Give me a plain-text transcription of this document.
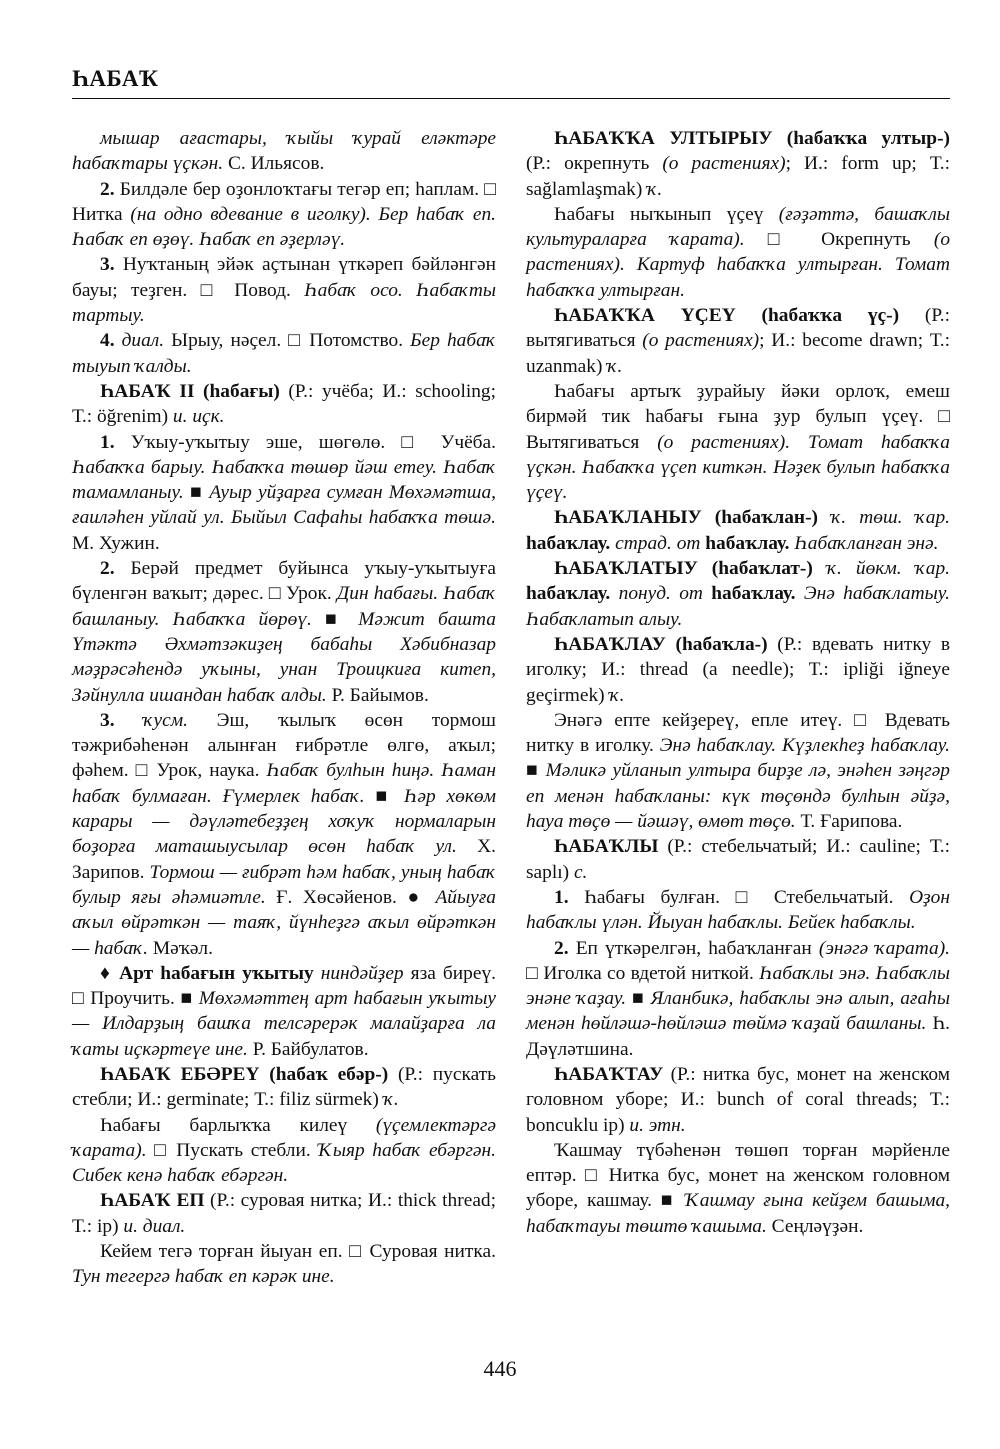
ҺАБАҠ

мышар ағастары, ҡыйы ҡурай еләктәре һабаҡтары үҫкән. С. Ильясов.

2. Билдәле бер оҙонлоҡтағы тегәр еп; һаплам. □ Нитка (на одно вдевание в иголку). Бер һабаҡ еп. Һабаҡ еп өҙөү. Һабаҡ еп әҙерләү.

3. Нуҡтаның эйәк аҫтынан үткәреп бәйләнгән бауы; теҙген. □ Повод. Һабаҡ осо. Һабаҡты тартыу.

4. диал. Ырыу, нәҫел. □ Потомство. Бер һабаҡ тыуып ҡалды.

ҺАБАҠ II (һабағы) (Р.: учёба; И.: schooling; Т.: öğrenim) и. иҫк.

1. Уҡыу-уҡытыу эше, шөгөлө. □ Учёба. Һабаҡҡа барыу. Һабаҡҡа төшөр йәш етеу. Һабаҡ тамамланыу. ■ Ауыр уйҙарға сумған Мөхәмәтша, ғаиләһен уйлай ул. Быйыл Сафаһы һабаҡҡа төшә. М. Хужин.

2. Берәй предмет буйынса уҡыу-уҡытыуға бүленгән ваҡыт; дәрес. □ Урок. Дин һабағы. Һабаҡ башланыу. Һабаҡҡа йөрөү. ■ Мәжит башта Үтәктә Әхмәтзәкиҙең бабаһы Хәбибназар мәҙрәсәһендә уҡыны, унан Троицкиға китеп, Зәйнулла ишандан һабаҡ алды. Р. Байымов.

3. ҡусм. Эш, ҡылыҡ өсөн тормош тәжрибәһенән алынған ғибрәтле өлгө, аҡыл; фәһем. □ Урок, наука. Һабаҡ булһын һиңә. Һаман һабаҡ булмаған. Ғүмерлек һабаҡ. ■ Һәр хөкөм карары — дәүләтебеҙҙең хоҡуҡ нормаларын боҙорға маташыусылар өсөн һабаҡ ул. Х. Зарипов. Тормош — ғибрәт һәм һабаҡ, уның һабаҡ булыр яғы әһәмиәтле. Ғ. Хөсәйенов. ● Айыуға аҡыл өйрәткән — таяҡ, йүнһеҙгә аҡыл өйрәткән — һабаҡ. Мәҡәл.

♦ Арт һабағын уҡытыу ниндәйҙер яза биреү. □ Проучить. ■ Мөхәмәттең арт һабағын уҡытыу — Илдарҙың башҡа телсәрерәк малайҙарға ла ҡаты иҫкәртеүе ине. Р. Байбулатов.

ҺАБАҠ ЕБӘРЕҮ (һабаҡ ебәр-) (Р.: пускать стебли; И.: germinate; Т.: filiz sürmek) ҡ.

Һабағы барлыҡҡа килеү (үҫемлектәргә ҡарата). □ Пускать стебли. Ҡыяр һабаҡ ебәргән. Сибек кенә һабаҡ ебәргән.

ҺАБАҠ ЕП (Р.: суровая нитка; И.: thick thread; Т.: ip) и. диал.

Кейем тегә торған йыуан еп. □ Суровая нитка. Тун тегергә һабаҡ еп кәрәк ине.

ҺАБАҠҠА УЛТЫРЫУ (һабаҡҡа ултыр-) (Р.: окрепнуть (о растениях); И.: form up; Т.: sağlamlaşmak) ҡ.

Һабағы ныҡынып үҫеү (ғәҙәттә, башаҡлы культураларға ҡарата). □ Окрепнуть (о растениях). Картуф һабаҡҡа ултырған. Томат һабаҡҡа ултырған.

ҺАБАҠҠА ҮҪЕҮ (һабаҡҡа үҫ-) (Р.: вытягиваться (о растениях); И.: become drawn; Т.: uzanmak) ҡ.

Һабағы артыҡ ҙурайыу йәки орлоҡ, емеш бирмәй тик һабағы ғына ҙур булып үҫеү. □ Вытягиваться (о растениях). Томат һабаҡҡа үҫкән. Һабаҡҡа үҫеп киткән. Нәҙек булып һабаҡҡа үҫеү.

ҺАБАҠЛАНЫУ (һабаҡлан-) ҡ. төш. ҡар. һабаҡлау. страд. от һабаҡлау. Һабаҡланған энә.

ҺАБАҠЛАТЫУ (һабаҡлат-) ҡ. йөкм. ҡар. һабаҡлау. понуд. от һабаҡлау. Энә һабаҡлатыу. Һабаҡлатып алыу.

ҺАБАҠЛАУ (һабаҡла-) (Р.: вдевать нитку в иголку; И.: thread (a needle); Т.: ipliği iğneye geçirmek) ҡ.

Энәгә епте кейҙереү, епле итеү. □ Вдевать нитку в иголку. Энә һабаҡлау. Күҙлекһеҙ һабаҡлау. ■ Мәликә уйланып ултыра бирҙе лә, энәһен зәңгәр еп менән һабаҡланы: күк төҫөндә булһын әйҙә, һауа төҫө — йәшәү, өмөт төҫө. Т. Ғарипова.

ҺАБАҠЛЫ (Р.: стебельчатый; И.: cauline; Т.: saplı) с.

1. Һабағы булған. □ Стебельчатый. Оҙон һабаҡлы үлән. Йыуан һабаҡлы. Бейек һабаҡлы.

2. Еп үткәрелгән, һабаҡланған (энәгә ҡарата). □ Иголка со вдетой ниткой. Һабаҡлы энә. Һабаҡлы энәне ҡаҙау. ■ Яланбикә, һабаҡлы энә алып, ағаһы менән һөйләшә-һөйләшә төймә ҡаҙай башланы. Һ. Дәүләтшина.

ҺАБАҠТАУ (Р.: нитка бус, монет на женском головном уборе; И.: bunch of coral threads; Т.: boncuklu ip) и. этн.

Ҡашмау түбәһенән төшөп торған мәрйенле ептәр. □ Нитка бус, монет на женском головном уборе, кашмау. ■ Ҡашмау ғына кейҙем башыма, һабаҡтауы төштө ҡашыма. Сеңләүҙән.

446
